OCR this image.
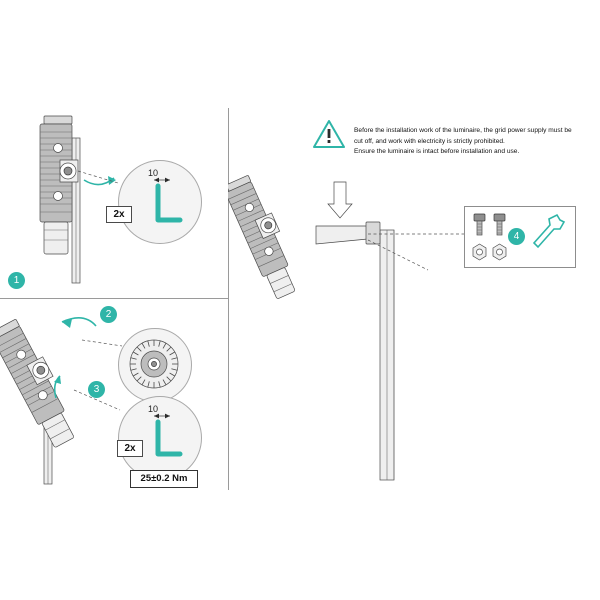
1
10
2x
2
3
10
2x
25±0.2 Nm
Before the installation work of the luminaire, the grid power supply must be
cut off, and work with electricity is strictly prohibited.
Ensure the luminaire is intact before installation and use.
4
